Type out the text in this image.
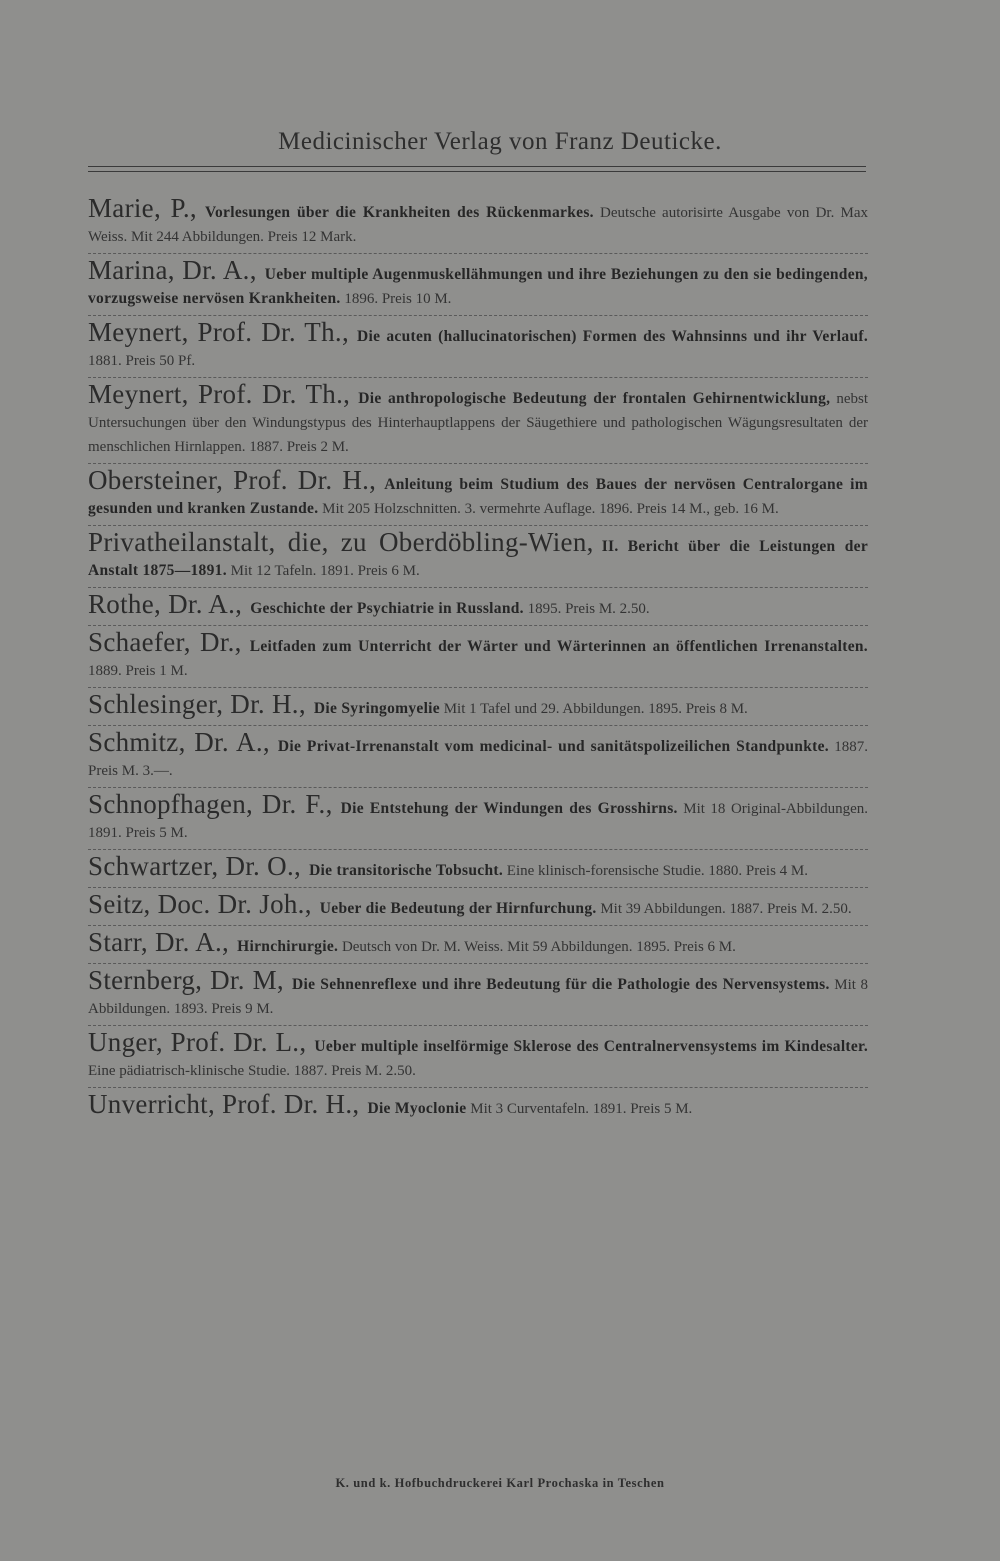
Medicinischer Verlag von Franz Deuticke.
Marie, P., Vorlesungen über die Krankheiten des Rückenmarkes. Deutsche autorisirte Ausgabe von Dr. Max Weiss. Mit 244 Abbildungen. Preis 12 Mark.
Marina, Dr. A., Ueber multiple Augenmuskellähmungen und ihre Beziehungen zu den sie bedingenden, vorzugsweise nervösen Krankheiten. 1896. Preis 10 M.
Meynert, Prof. Dr. Th., Die acuten (hallucinatorischen) Formen des Wahnsinns und ihr Verlauf. 1881. Preis 50 Pf.
Meynert, Prof. Dr. Th., Die anthropologische Bedeutung der frontalen Gehirnentwicklung, nebst Untersuchungen über den Windungstypus des Hinterhauptlappens der Säugethiere und pathologischen Wägungsresultaten der menschlichen Hirnlappen. 1887. Preis 2 M.
Obersteiner, Prof. Dr. H., Anleitung beim Studium des Baues der nervösen Centralorgane im gesunden und kranken Zustande. Mit 205 Holzschnitten. 3. vermehrte Auflage. 1896. Preis 14 M., geb. 16 M.
Privatheilanstalt, die, zu Oberdöbling-Wien, II. Bericht über die Leistungen der Anstalt 1875—1891. Mit 12 Tafeln. 1891. Preis 6 M.
Rothe, Dr. A., Geschichte der Psychiatrie in Russland. 1895. Preis M. 2.50.
Schaefer, Dr., Leitfaden zum Unterricht der Wärter und Wärterinnen an öffentlichen Irrenanstalten. 1889. Preis 1 M.
Schlesinger, Dr. H., Die Syringomyelie Mit 1 Tafel und 29. Abbildungen. 1895. Preis 8 M.
Schmitz, Dr. A., Die Privat-Irrenanstalt vom medicinal- und sanitätspolizeilichen Standpunkte. 1887. Preis M. 3.—.
Schnopfhagen, Dr. F., Die Entstehung der Windungen des Grosshirns. Mit 18 Original-Abbildungen. 1891. Preis 5 M.
Schwartzer, Dr. O., Die transitorische Tobsucht. Eine klinisch-forensische Studie. 1880. Preis 4 M.
Seitz, Doc. Dr. Joh., Ueber die Bedeutung der Hirnfurchung. Mit 39 Abbildungen. 1887. Preis M. 2.50.
Starr, Dr. A., Hirnchirurgie. Deutsch von Dr. M. Weiss. Mit 59 Abbildungen. 1895. Preis 6 M.
Sternberg, Dr. M, Die Sehnenreflexe und ihre Bedeutung für die Pathologie des Nervensystems. Mit 8 Abbildungen. 1893. Preis 9 M.
Unger, Prof. Dr. L., Ueber multiple inselförmige Sklerose des Centralnervensystems im Kindesalter. Eine pädiatrisch-klinische Studie. 1887. Preis M. 2.50.
Unverricht, Prof. Dr. H., Die Myoclonie Mit 3 Curventafeln. 1891. Preis 5 M.
K. und k. Hofbuchdruckerei Karl Prochaska in Teschen
